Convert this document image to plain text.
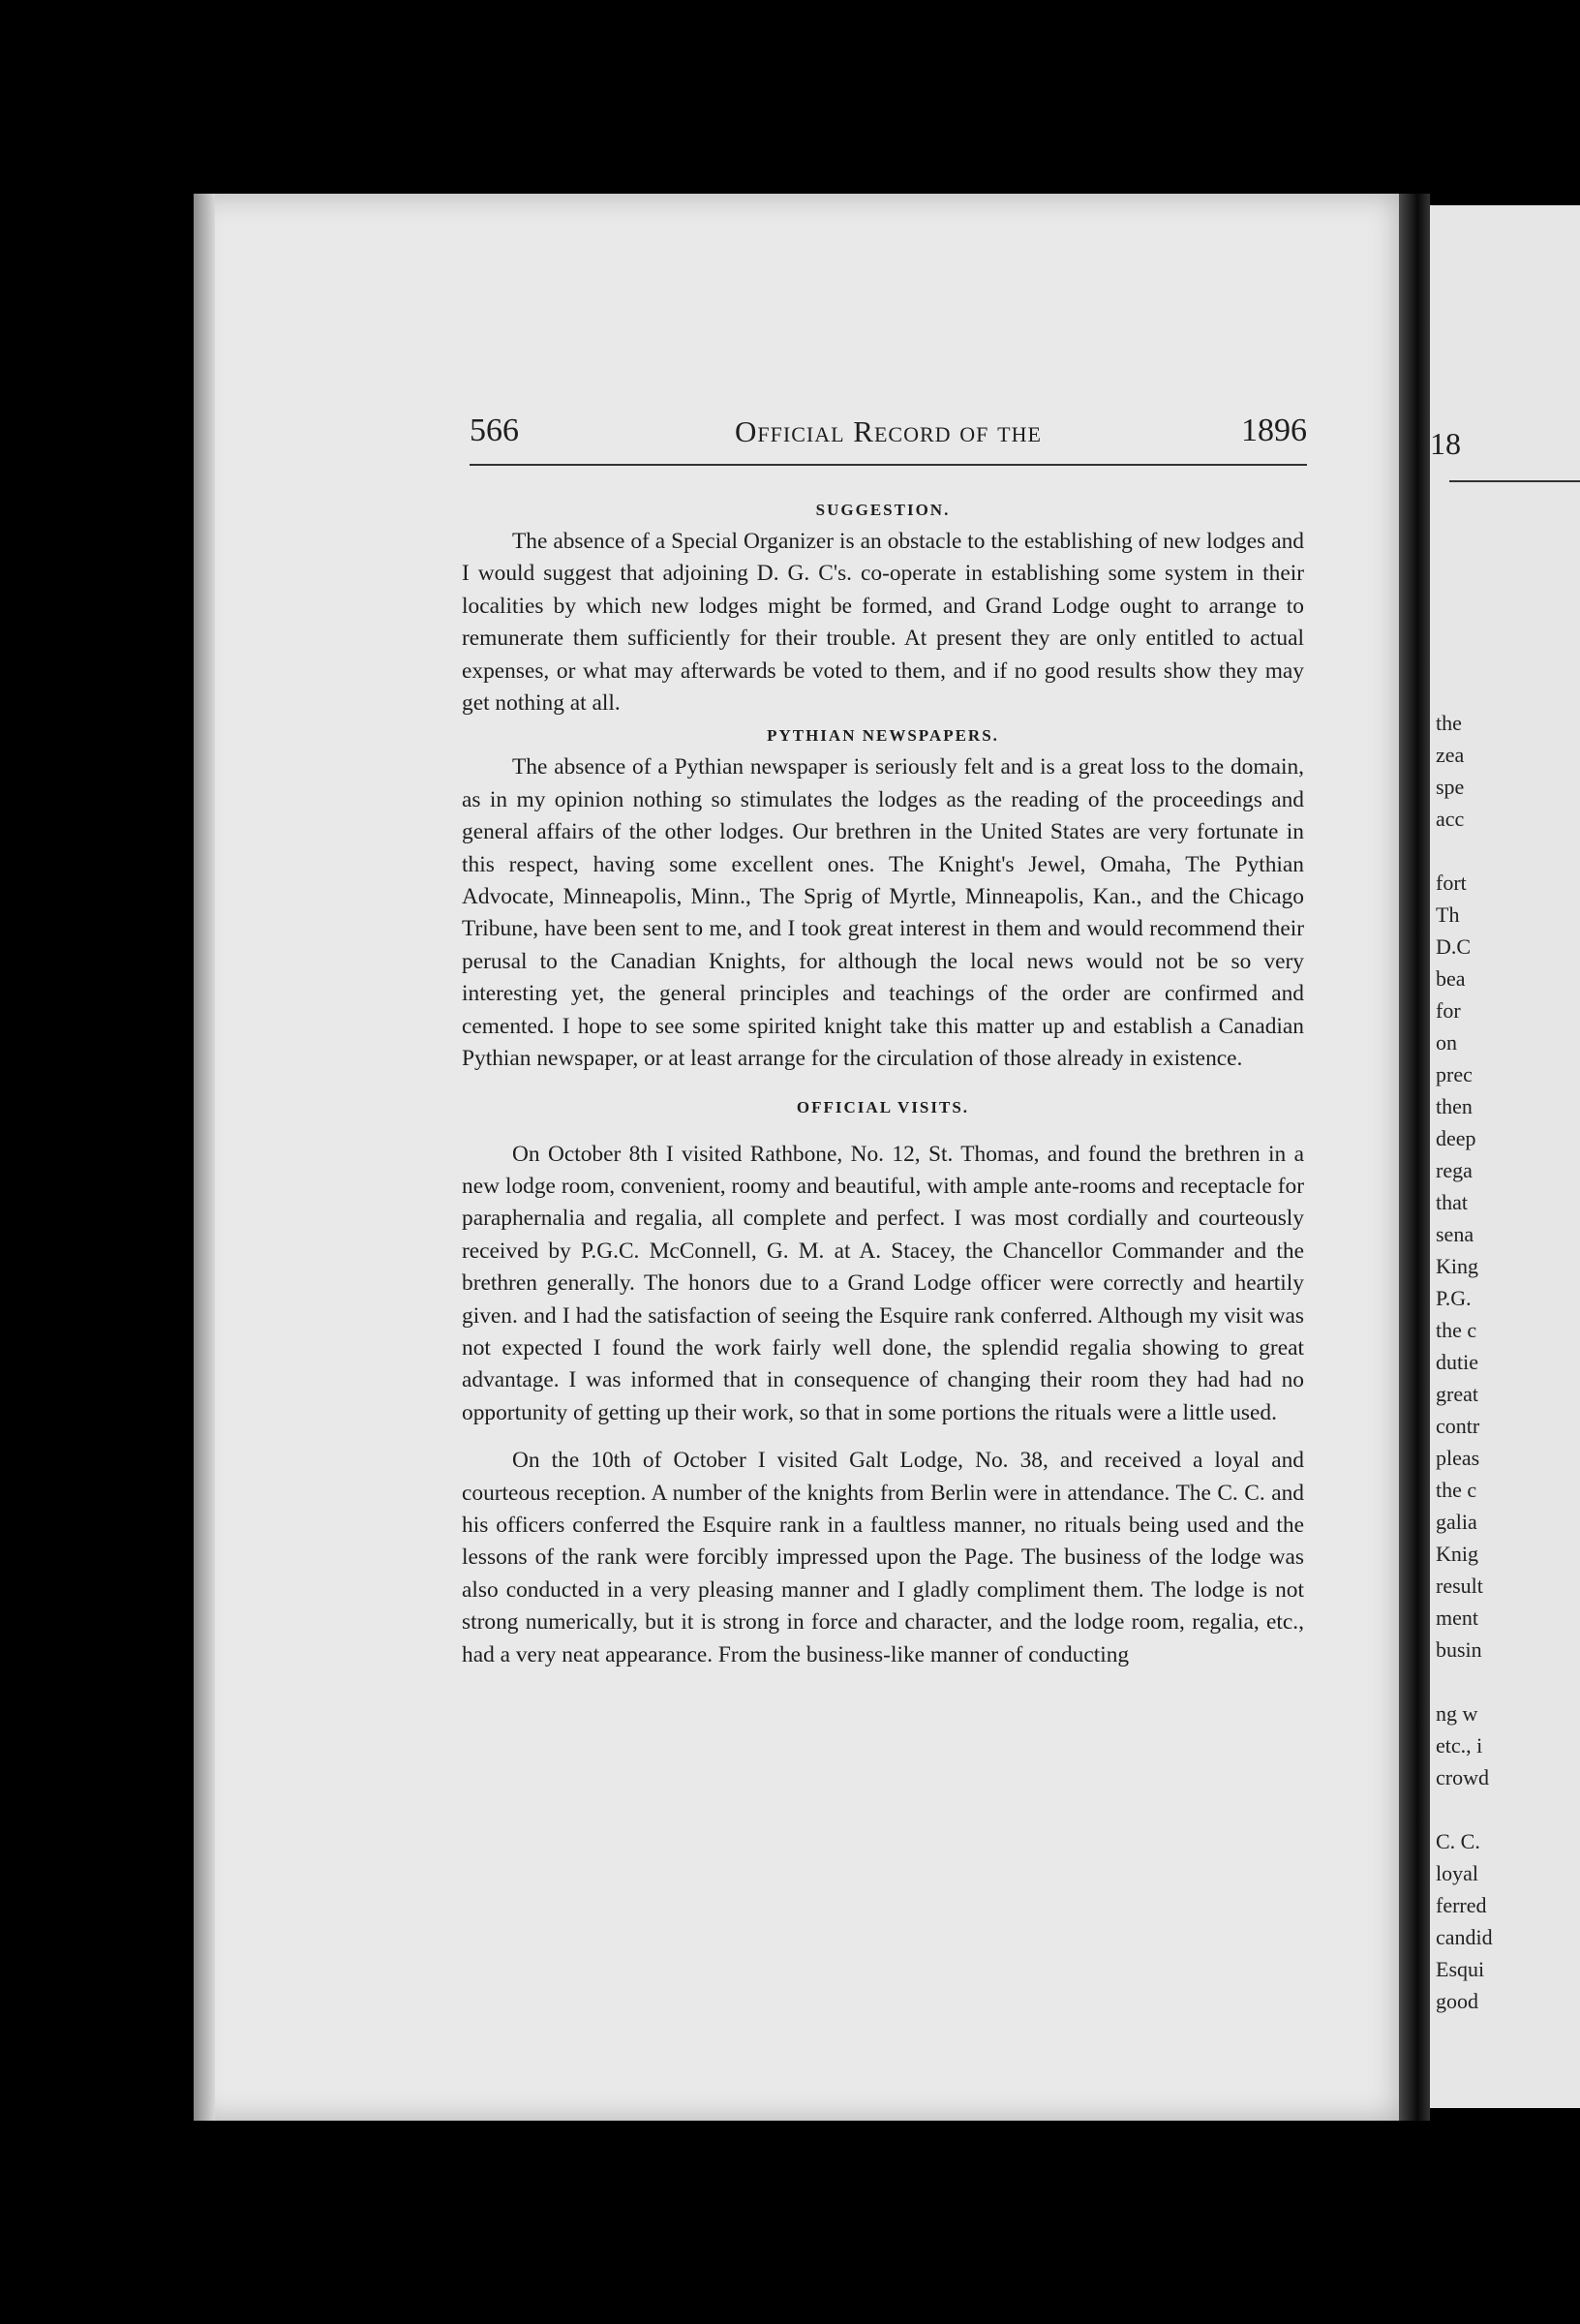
18
the
zea
spe
acc

fort
Th
D.C
bea
for
on
prec
then
deep
rega
that
sena
King
P.G.
the c
dutie
great
contr
pleas
the c
galia
Knig
result
ment
busin

ng w
etc., i
crowd

C. C.
loyal
ferred
candid
Esqui
good
566	Official Record of the	1896
SUGGESTION.

The absence of a Special Organizer is an obstacle to the establishing of new lodges and I would suggest that adjoining D. G. C's. co-operate in establishing some system in their localities by which new lodges might be formed, and Grand Lodge ought to arrange to remunerate them sufficiently for their trouble. At present they are only entitled to actual expenses, or what may afterwards be voted to them, and if no good results show they may get nothing at all.

PYTHIAN NEWSPAPERS.

The absence of a Pythian newspaper is seriously felt and is a great loss to the domain, as in my opinion nothing so stimulates the lodges as the reading of the proceedings and general affairs of the other lodges. Our brethren in the United States are very fortunate in this respect, having some excellent ones. The Knight's Jewel, Omaha, The Pythian Advocate, Minneapolis, Minn., The Sprig of Myrtle, Minneapolis, Kan., and the Chicago Tribune, have been sent to me, and I took great interest in them and would recommend their perusal to the Canadian Knights, for although the local news would not be so very interesting yet, the general principles and teachings of the order are confirmed and cemented. I hope to see some spirited knight take this matter up and establish a Canadian Pythian newspaper, or at least arrange for the circulation of those already in existence.

OFFICIAL VISITS.

On October 8th I visited Rathbone, No. 12, St. Thomas, and found the brethren in a new lodge room, convenient, roomy and beautiful, with ample ante-rooms and receptacle for paraphernalia and regalia, all complete and perfect. I was most cordially and courteously received by P.G.C. McConnell, G. M. at A. Stacey, the Chancellor Commander and the brethren generally. The honors due to a Grand Lodge officer were correctly and heartily given. and I had the satisfaction of seeing the Esquire rank conferred. Although my visit was not expected I found the work fairly well done, the splendid regalia showing to great advantage. I was informed that in consequence of changing their room they had had no opportunity of getting up their work, so that in some portions the rituals were a little used.

On the 10th of October I visited Galt Lodge, No. 38, and received a loyal and courteous reception. A number of the knights from Berlin were in attendance. The C. C. and his officers conferred the Esquire rank in a faultless manner, no rituals being used and the lessons of the rank were forcibly impressed upon the Page. The business of the lodge was also conducted in a very pleasing manner and I gladly compliment them. The lodge is not strong numerically, but it is strong in force and character, and the lodge room, regalia, etc., had a very neat appearance. From the business-like manner of conducting
